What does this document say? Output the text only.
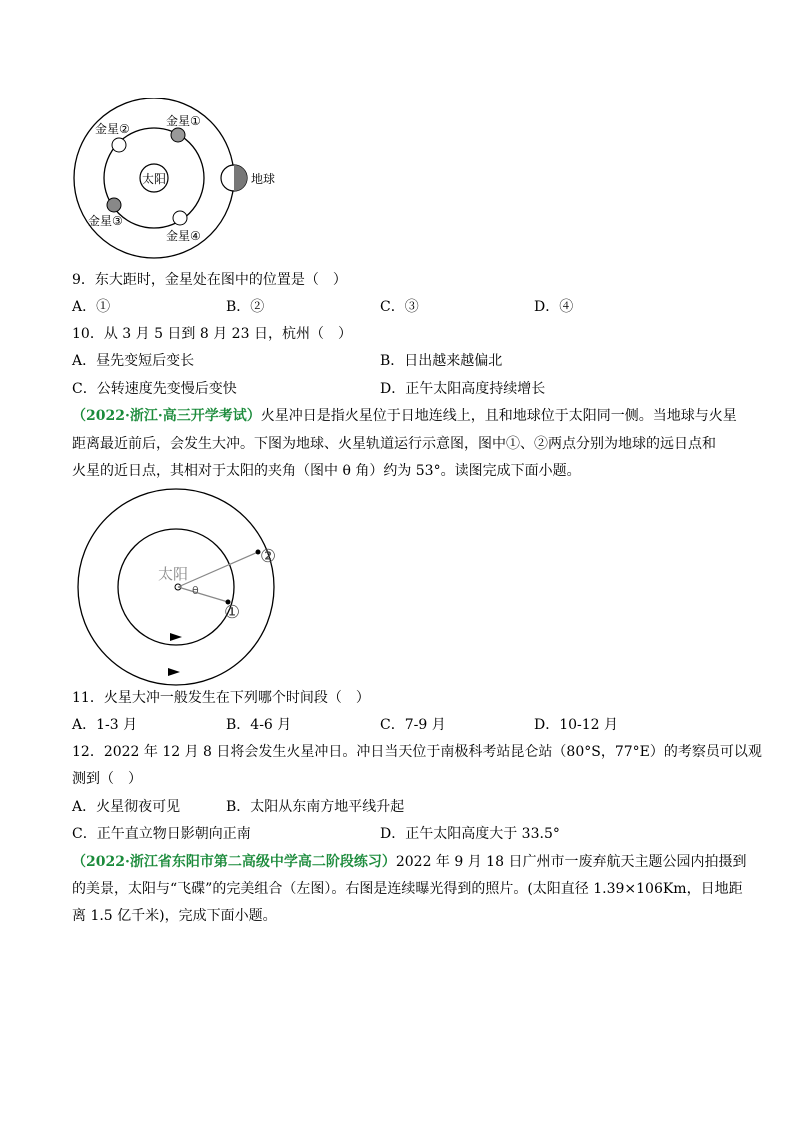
太阳	地球
金星①
金星②
金星③
金星④
9．东大距时，金星处在图中的位置是（　）
A．①	B．②	C．③	D．④
10．从 3 月 5 日到 8 月 23 日，杭州（　）
A．昼先变短后变长	B．日出越来越偏北
C．公转速度先变慢后变快	D．正午太阳高度持续增长
（2022·浙江·高三开学考试）火星冲日是指火星位于日地连线上，且和地球位于太阳同一侧。当地球与火星
距离最近前后，会发生大冲。下图为地球、火星轨道运行示意图，图中①、②两点分别为地球的远日点和
火星的近日点，其相对于太阳的夹角（图中 θ 角）约为 53°。读图完成下面小题。
太阳
θ
②
①
11．火星大冲一般发生在下列哪个时间段（　）
A．1-3 月	B．4-6 月	C．7-9 月	D．10-12 月
12．2022 年 12 月 8 日将会发生火星冲日。冲日当天位于南极科考站昆仑站（80°S，77°E）的考察员可以观
测到（　）
A．火星彻夜可见	B．太阳从东南方地平线升起
C．正午直立物日影朝向正南	D．正午太阳高度大于 33.5°
（2022·浙江省东阳市第二高级中学高二阶段练习）2022 年 9 月 18 日广州市一废弃航天主题公园内拍摄到
的美景，太阳与“飞碟”的完美组合（左图）。右图是连续曝光得到的照片。(太阳直径 1.39×106Km，日地距
离 1.5 亿千米)，完成下面小题。
